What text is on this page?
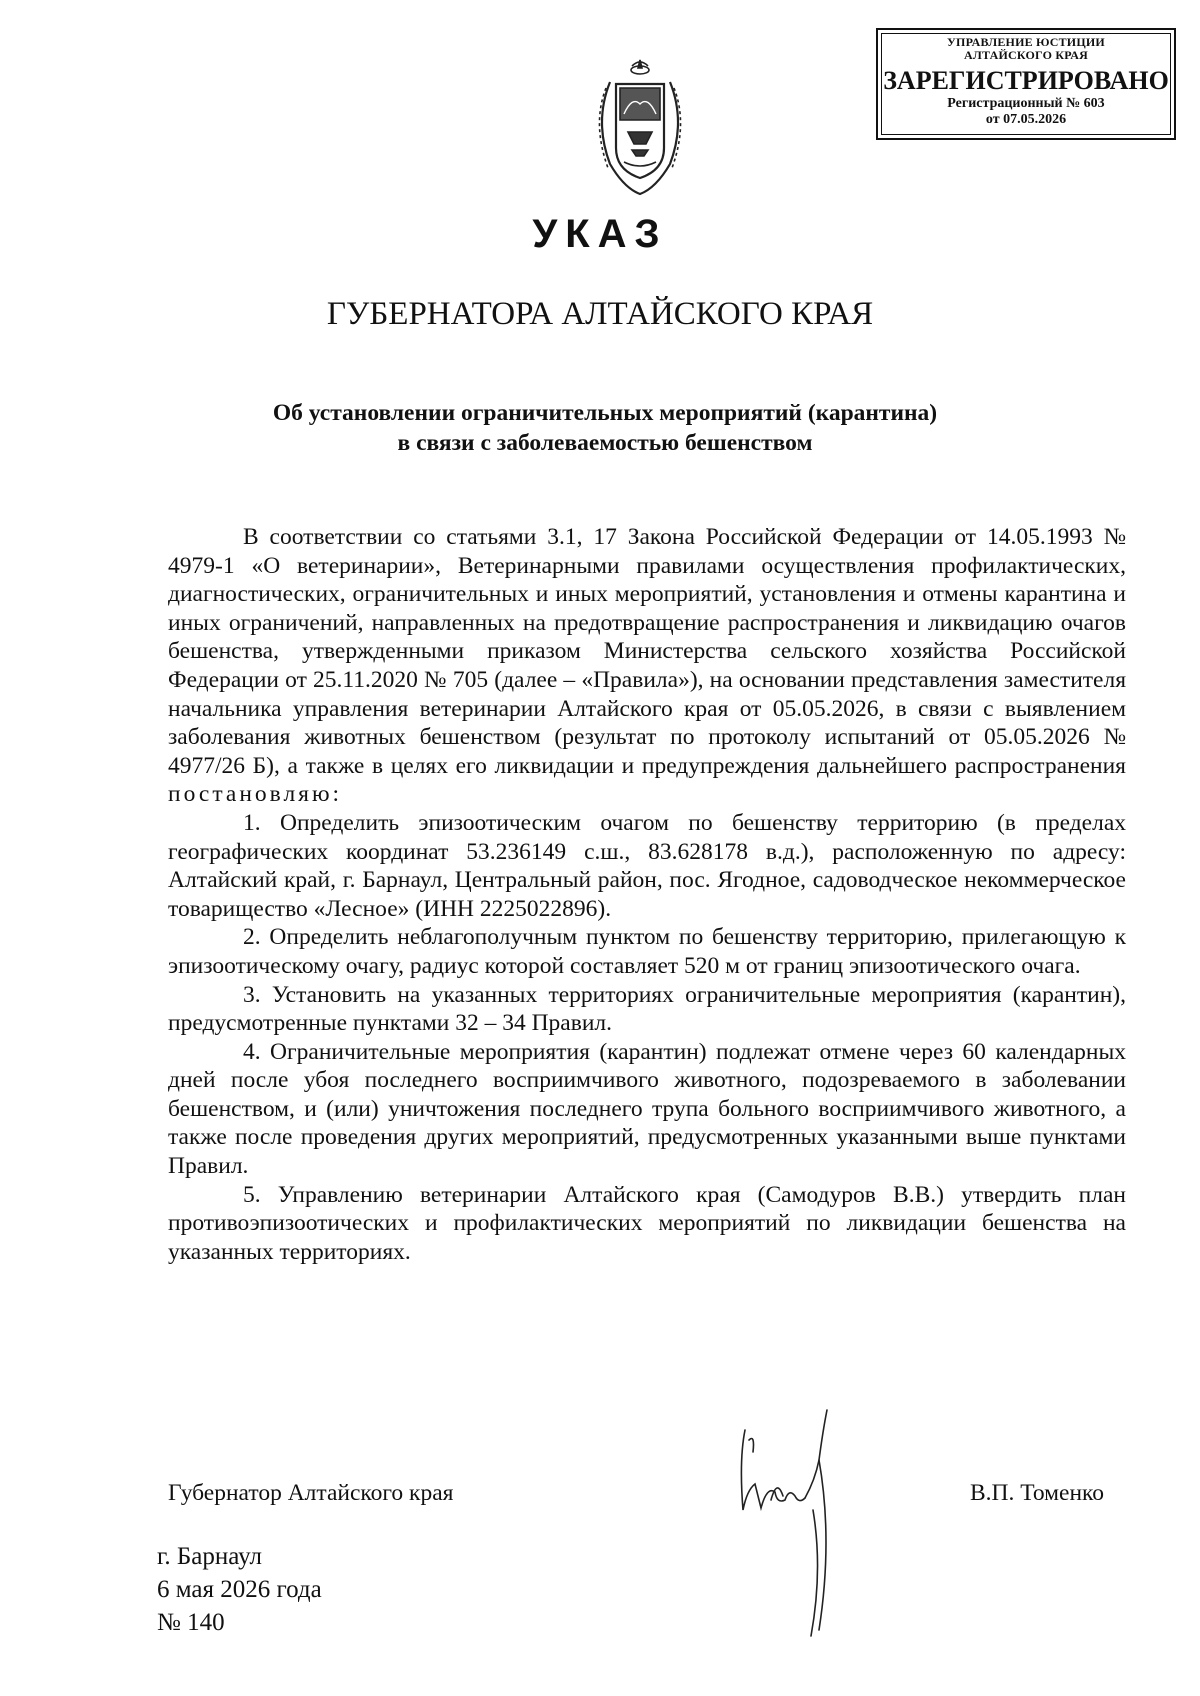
УПРАВЛЕНИЕ ЮСТИЦИИ
АЛТАЙСКОГО КРАЯ
ЗАРЕГИСТРИРОВАНО
Регистрационный № 603
от 07.05.2026
УКАЗ
ГУБЕРНАТОРА АЛТАЙСКОГО КРАЯ
Об установлении ограничительных мероприятий (карантина)
в связи с заболеваемостью бешенством

В соответствии со статьями 3.1, 17 Закона Российской Федерации от 14.05.1993 № 4979-1 «О ветеринарии», Ветеринарными правилами осуществления профилактических, диагностических, ограничительных и иных мероприятий, установления и отмены карантина и иных ограничений, направленных на предотвращение распространения и ликвидацию очагов бешенства, утвержденными приказом Министерства сельского хозяйства Российской Федерации от 25.11.2020 № 705 (далее – «Правила»), на основании представления заместителя начальника управления ветеринарии Алтайского края от 05.05.2026, в связи с выявлением заболевания животных бешенством (результат по протоколу испытаний от 05.05.2026 № 4977/26 Б), а также в целях его ликвидации и предупреждения дальнейшего распространения постановляю:

1. Определить эпизоотическим очагом по бешенству территорию (в пределах географических координат 53.236149 с.ш., 83.628178 в.д.), расположенную по адресу: Алтайский край, г. Барнаул, Центральный район, пос. Ягодное, садоводческое некоммерческое товарищество «Лесное» (ИНН 2225022896).

2. Определить неблагополучным пунктом по бешенству территорию, прилегающую к эпизоотическому очагу, радиус которой составляет 520 м от границ эпизоотического очага.

3. Установить на указанных территориях ограничительные мероприятия (карантин), предусмотренные пунктами 32 – 34 Правил.

4. Ограничительные мероприятия (карантин) подлежат отмене через 60 календарных дней после убоя последнего восприимчивого животного, подозреваемого в заболевании бешенством, и (или) уничтожения последнего трупа больного восприимчивого животного, а также после проведения других мероприятий, предусмотренных указанными выше пунктами Правил.

5. Управлению ветеринарии Алтайского края (Самодуров В.В.) утвердить план противоэпизоотических и профилактических мероприятий по ликвидации бешенства на указанных территориях.

Губернатор Алтайского края	В.П. Томенко
г. Барнаул
6 мая 2026 года
№ 140
